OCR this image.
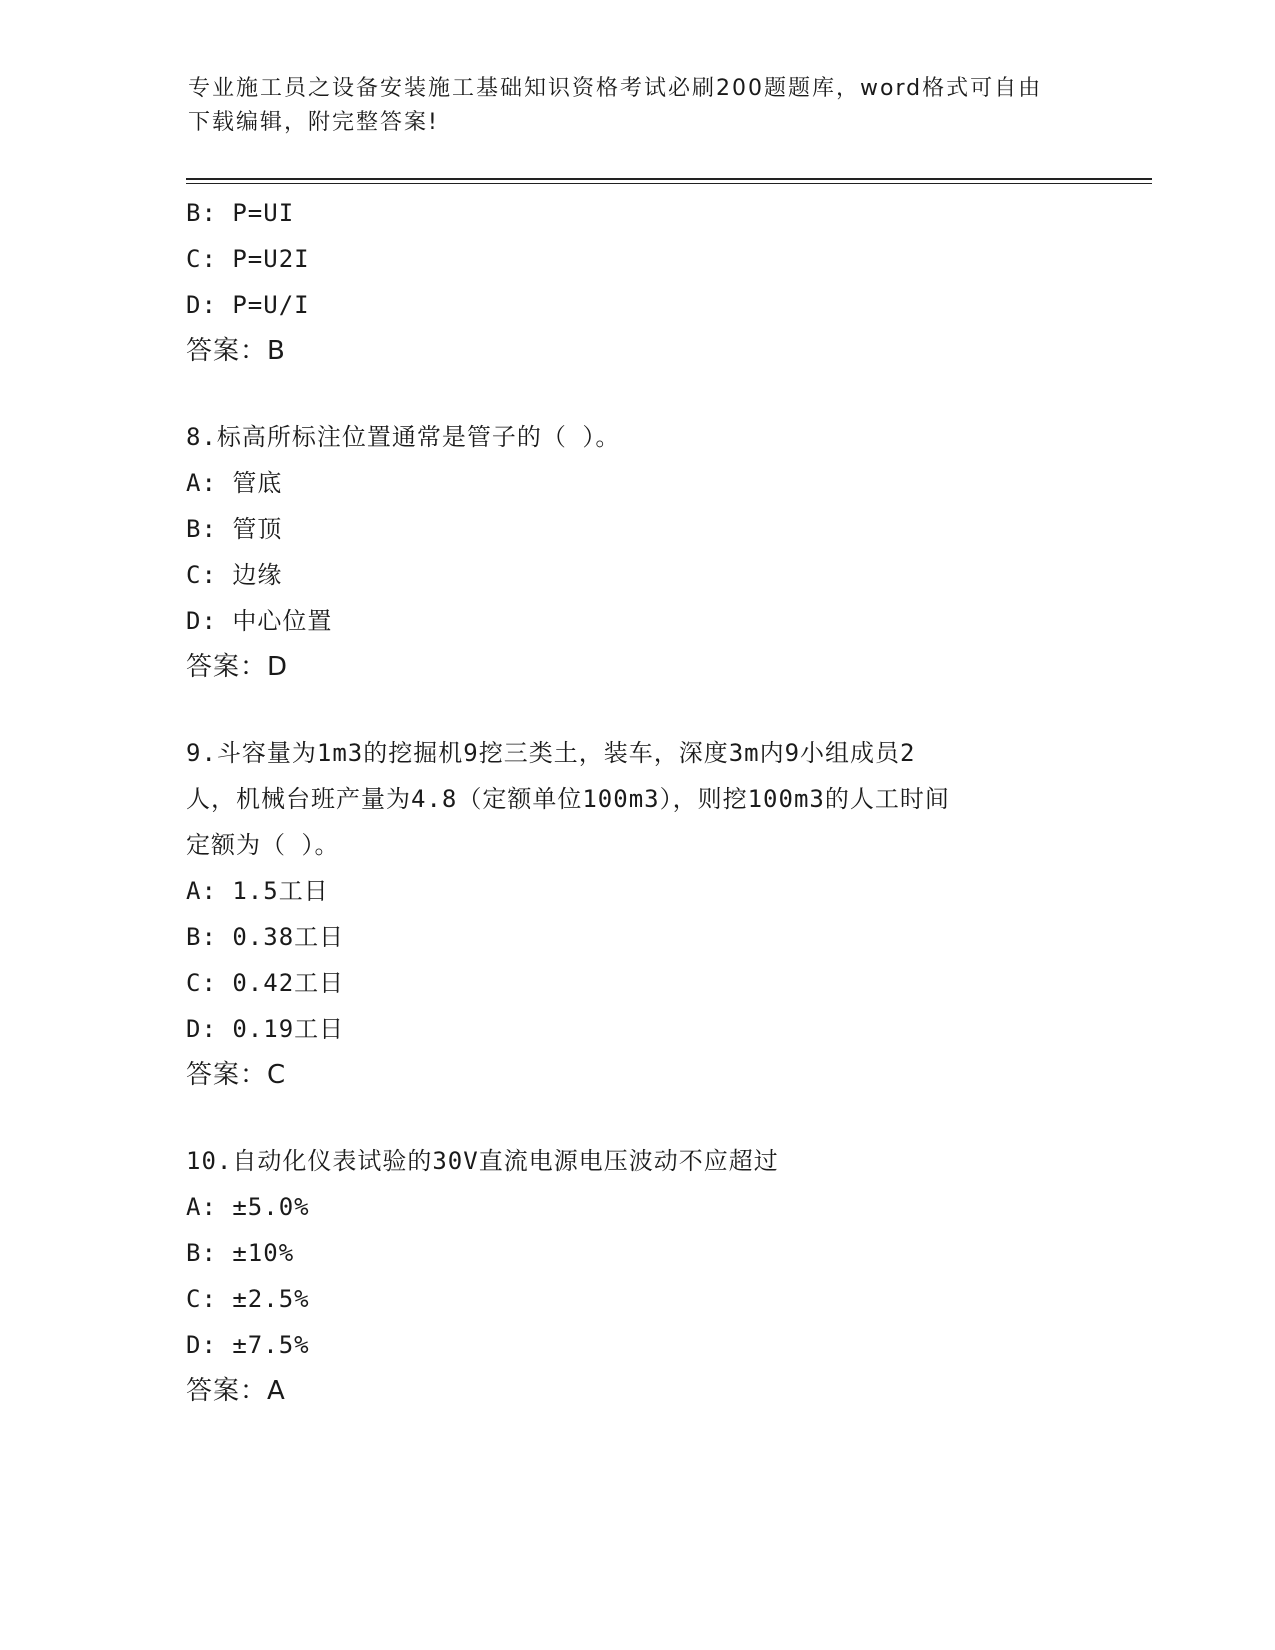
专业施工员之设备安装施工基础知识资格考试必刷200题题库，word格式可自由
下载编辑，附完整答案!
B: P=UI
C: P=U2I
D: P=U/I
答案：B
8.标高所标注位置通常是管子的（ ）。
A: 管底
B: 管顶
C: 边缘
D: 中心位置
答案：D
9.斗容量为1m3的挖掘机9挖三类土，装车，深度3m内9小组成员2
人，机械台班产量为4.8（定额单位100m3），则挖100m3的人工时间
定额为（ ）。
A: 1.5工日
B: 0.38工日
C: 0.42工日
D: 0.19工日
答案：C
10.自动化仪表试验的30V直流电源电压波动不应超过
A: ±5.0%
B: ±10%
C: ±2.5%
D: ±7.5%
答案：A
